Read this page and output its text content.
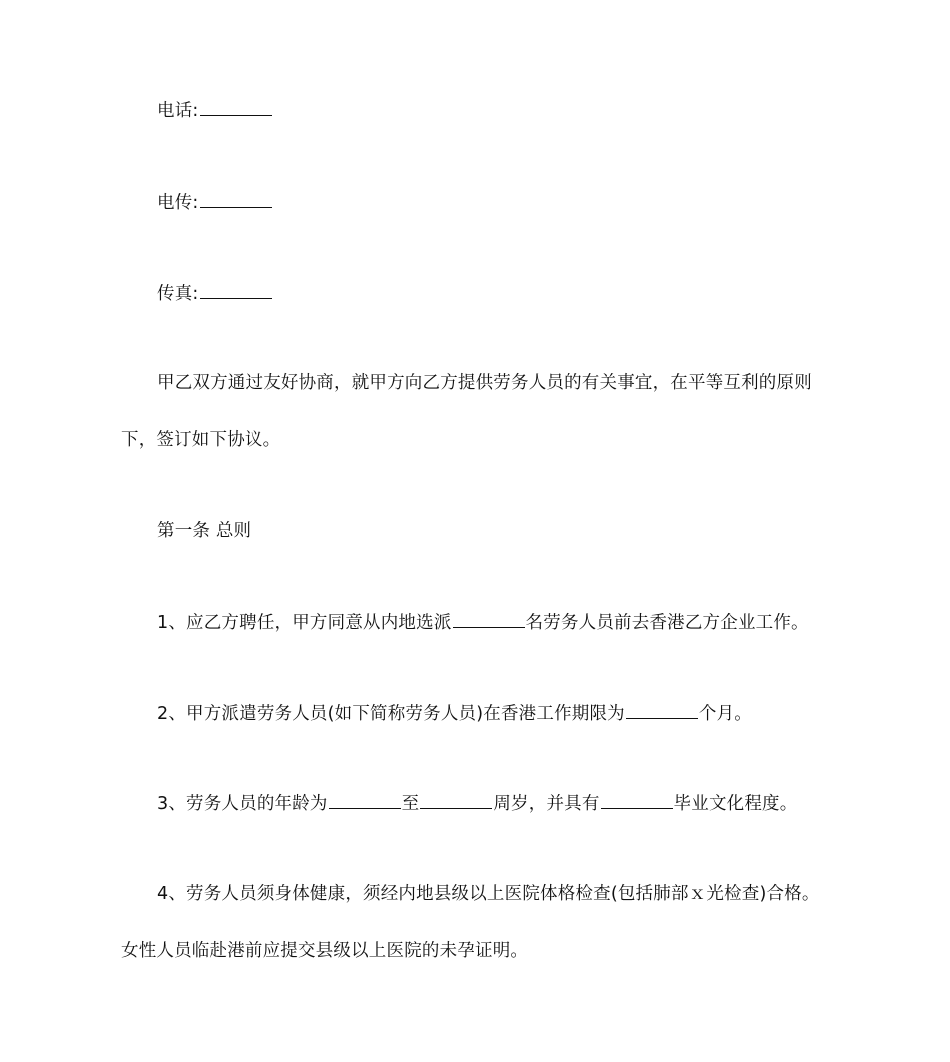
电话:
电传:
传真:
甲乙双方通过友好协商，就甲方向乙方提供劳务人员的有关事宜，在平等互利的原则
下，签订如下协议。
第一条 总则
1、应乙方聘任，甲方同意从内地选派	名劳务人员前去香港乙方企业工作。
2、甲方派遣劳务人员(如下简称劳务人员)在香港工作期限为	个月。
3、劳务人员的年龄为	至	周岁，并具有	毕业文化程度。
4、劳务人员须身体健康，须经内地县级以上医院体格检查(包括肺部ｘ光检查)合格。
女性人员临赴港前应提交县级以上医院的未孕证明。
